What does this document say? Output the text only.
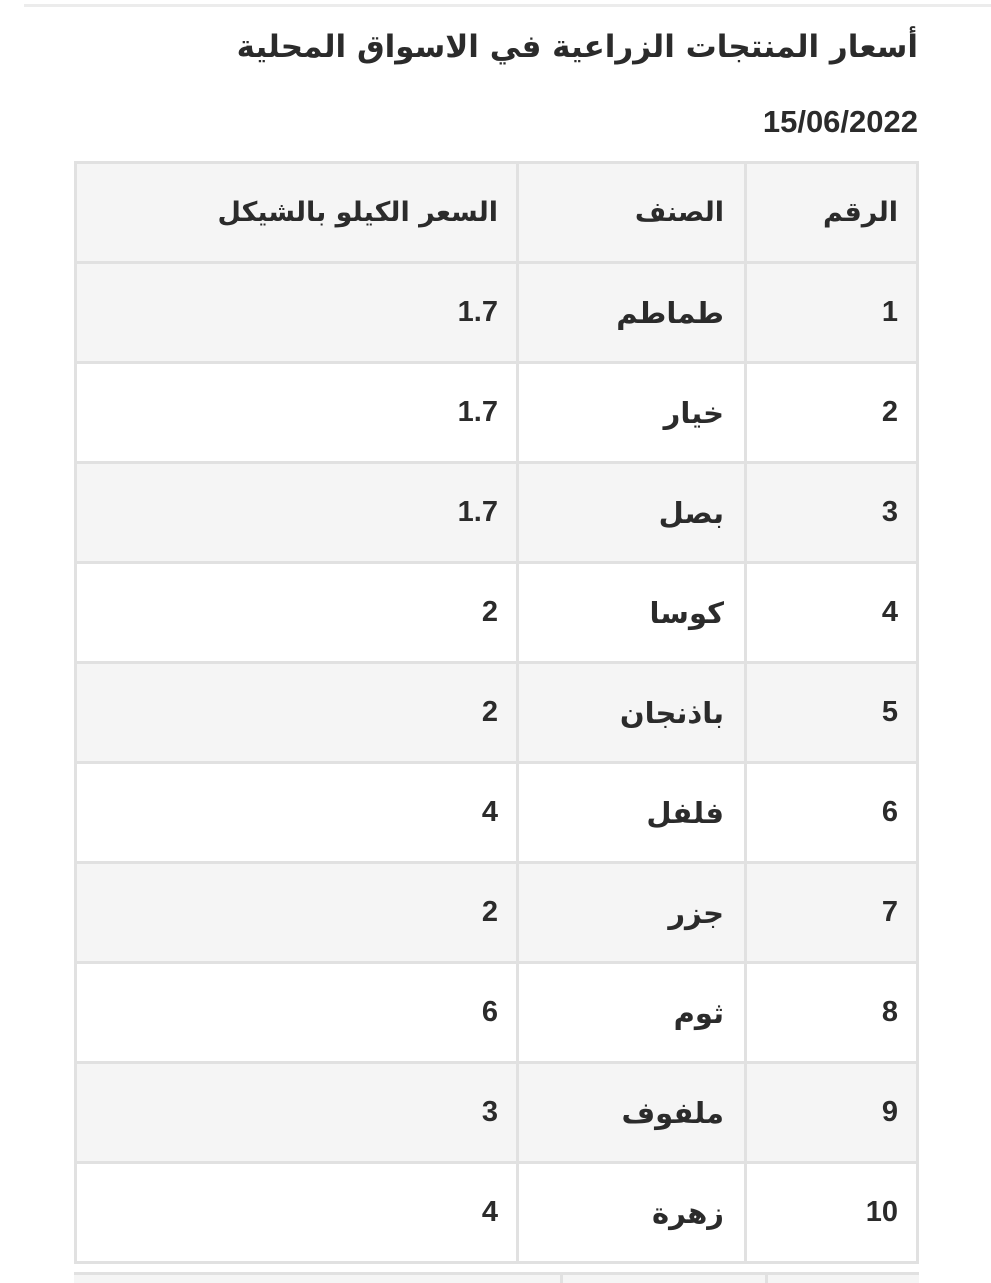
أسعار المنتجات الزراعية في الاسواق المحلية
15/06/2022
الرقم	الصنف	السعر الكيلو بالشيكل
1	طماطم	1.7
2	خيار	1.7
3	بصل	1.7
4	كوسا	2
5	باذنجان	2
6	فلفل	4
7	جزر	2
8	ثوم	6
9	ملفوف	3
10	زهرة	4
